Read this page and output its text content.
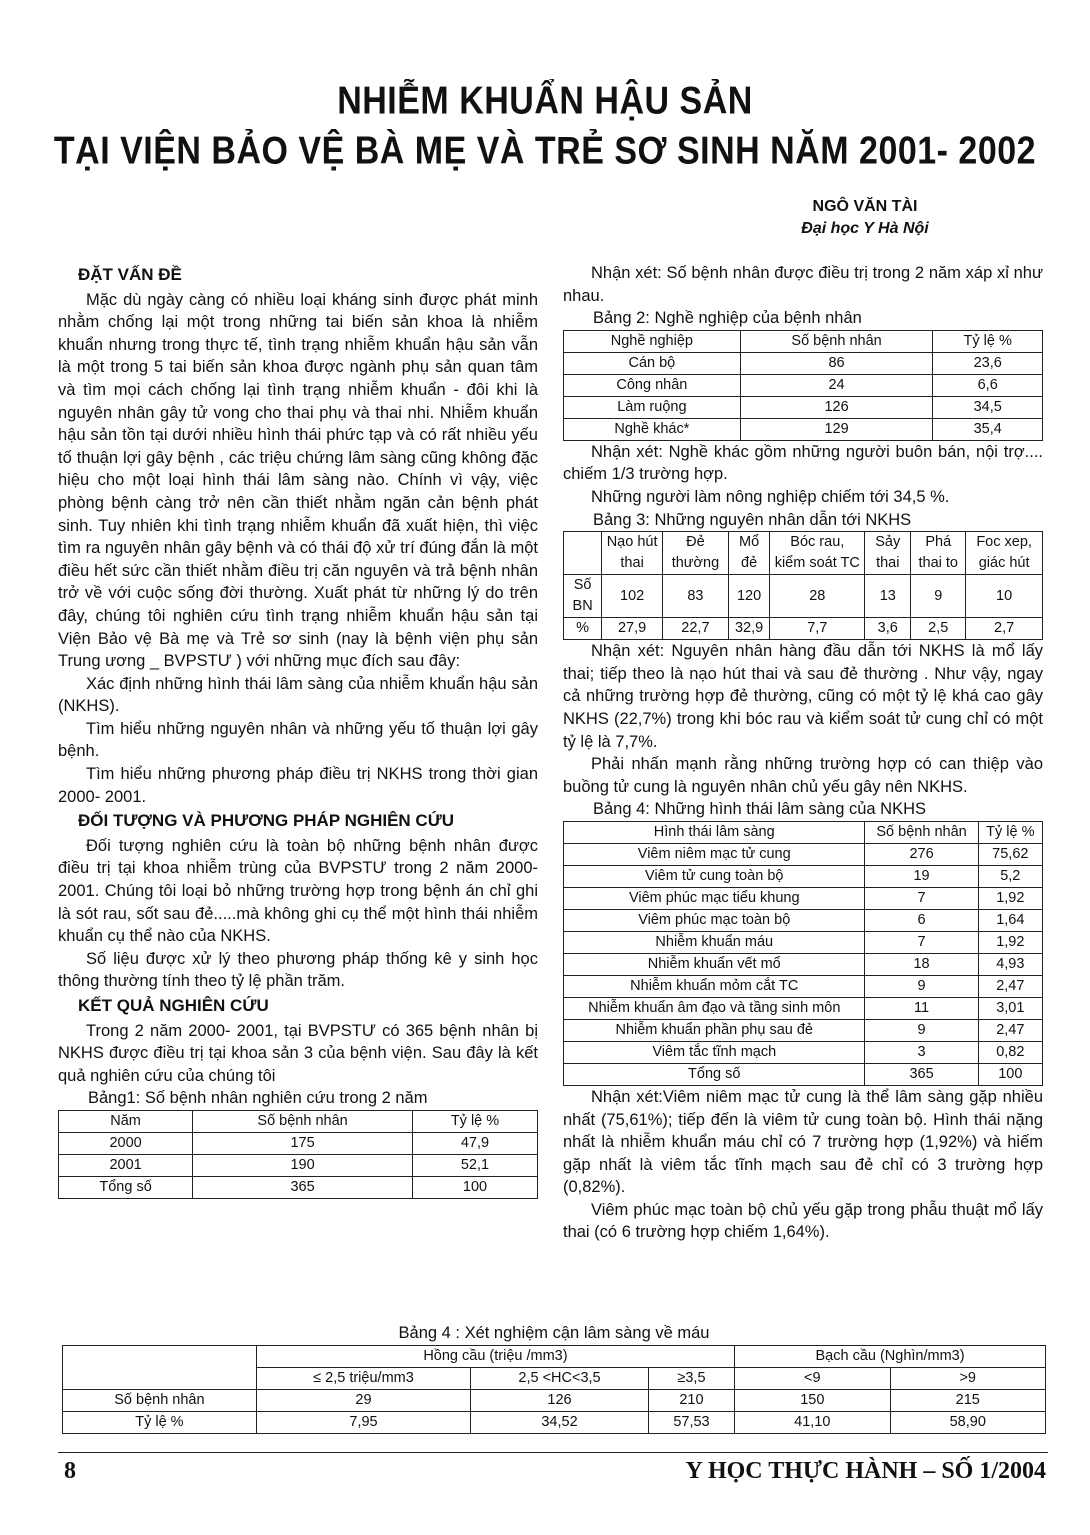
NHIỄM KHUẨN HẬU SẢN
TẠI VIỆN BẢO VỆ BÀ MẸ VÀ TRẺ SƠ SINH NĂM 2001- 2002
NGÔ VĂN TÀI
Đại học Y Hà Nội
ĐẶT VẤN ĐỀ

Mặc dù ngày càng có nhiều loại kháng sinh được phát minh nhằm chống lại một trong những tai biến sản khoa là nhiễm khuẩn nhưng trong thực tế, tình trạng nhiễm khuẩn hậu sản vẫn là một trong 5 tai biến sản khoa được ngành phụ sản quan tâm và tìm mọi cách chống lại tình trạng nhiễm khuẩn - đôi khi là nguyên nhân gây tử vong cho thai phụ và thai nhi. Nhiễm khuẩn hậu sản tồn tại dưới nhiều hình thái phức tạp và có rất nhiều yếu tố thuận lợi gây bệnh , các triệu chứng lâm sàng cũng không đặc hiệu cho một loại hình thái lâm sàng nào. Chính vì vậy, việc phòng bệnh càng trở nên cần thiết nhằm ngăn cản bệnh phát sinh. Tuy nhiên khi tình trạng nhiễm khuẩn đã xuất hiện, thì việc tìm ra nguyên nhân gây bệnh và có thái độ xử trí đúng đắn là một điều hết sức cần thiết nhằm điều trị căn nguyên và trả bệnh nhân trở về với cuộc sống đời thường. Xuất phát từ những lý do trên đây, chúng tôi nghiên cứu tình trạng nhiễm khuẩn hậu sản tại Viện Bảo vệ Bà mẹ và Trẻ sơ sinh (nay là bệnh viện phụ sản Trung ương _ BVPSTƯ ) với những mục đích sau đây:

Xác định những hình thái lâm sàng của nhiễm khuẩn hậu sản (NKHS).

Tìm hiểu những nguyên nhân và những yếu tố thuận lợi gây bệnh.

Tìm hiểu những phương pháp điều trị NKHS trong thời gian 2000- 2001.

ĐỐI TƯỢNG VÀ PHƯƠNG PHÁP NGHIÊN CỨU

Đối tượng nghiên cứu là toàn bộ những bệnh nhân được điều trị tại khoa nhiễm trùng của BVPSTƯ trong 2 năm 2000- 2001. Chúng tôi loại bỏ những trường hợp trong bệnh án chỉ ghi là sót rau, sốt sau đẻ.....mà không ghi cụ thể một hình thái nhiễm khuẩn cụ thể nào của NKHS.

Số liệu được xử lý theo phương pháp thống kê y sinh học thông thường tính theo tỷ lệ phần trăm.

KẾT QUẢ NGHIÊN CỨU

Trong 2 năm 2000- 2001, tại BVPSTƯ có 365 bệnh nhân bị NKHS được điều trị tại khoa sản 3 của bệnh viện. Sau đây là kết quả nghiên cứu của chúng tôi

Bảng1: Số bệnh nhân nghiên cứu trong 2 năm
Năm	Số bệnh nhân	Tỷ lệ %
2000	175	47,9
2001	190	52,1
Tổng số	365	100

Nhận xét: Số bệnh nhân được điều trị trong 2 năm xáp xỉ như nhau.

Bảng 2: Nghề nghiệp của bệnh nhân
Nghề nghiệp	Số bệnh nhân	Tỷ lệ %
Cán bộ	86	23,6
Công nhân	24	6,6
Làm ruộng	126	34,5
Nghề khác*	129	35,4

Nhận xét: Nghề khác gồm những người buôn bán, nội trợ.... chiếm 1/3 trường hợp.

Những người làm nông nghiệp chiếm tới 34,5 %.

Bảng 3: Những nguyên nhân dẫn tới NKHS
	Nạo hút thai	Đẻ thường	Mổ đẻ	Bóc rau, kiểm soát TC	Sảy thai	Phá thai to	Foc xep, giác hút
Số BN	102	83	120	28	13	9	10
%	27,9	22,7	32,9	7,7	3,6	2,5	2,7

Nhận xét: Nguyên nhân hàng đầu dẫn tới NKHS là mổ lấy thai; tiếp theo là nạo hút thai và sau đẻ thường . Như vậy, ngay cả những trường hợp đẻ thường, cũng có một tỷ lệ khá cao gây NKHS (22,7%) trong khi bóc rau và kiểm soát tử cung chỉ có một tỷ lệ là 7,7%.

Phải nhấn mạnh rằng những trường hợp có can thiệp vào buồng tử cung là nguyên nhân chủ yếu gây nên NKHS.

Bảng 4: Những hình thái lâm sàng của NKHS
Hình thái lâm sàng	Số bệnh nhân	Tỷ lệ %
Viêm niêm mạc tử cung	276	75,62
Viêm tử cung toàn bộ	19	5,2
Viêm phúc mạc tiểu khung	7	1,92
Viêm phúc mạc toàn bộ	6	1,64
Nhiễm khuẩn máu	7	1,92
Nhiễm khuẩn vết mổ	18	4,93
Nhiễm khuẩn mỏm cắt TC	9	2,47
Nhiễm khuẩn âm đạo và tầng sinh môn	11	3,01
Nhiễm khuẩn phần phụ sau đẻ	9	2,47
Viêm tắc tĩnh mạch	3	0,82
Tổng số	365	100

Nhận xét:Viêm niêm mạc tử cung là thể lâm sàng gặp nhiều nhất (75,61%); tiếp đến là viêm tử cung toàn bộ. Hình thái nặng nhất là nhiễm khuẩn máu chỉ có 7 trường hợp (1,92%) và hiếm gặp nhất là viêm tắc tĩnh mạch sau đẻ chỉ có 3 trường hợp (0,82%).

Viêm phúc mạc toàn bộ chủ yếu gặp trong phẫu thuật mổ lấy thai (có 6 trường hợp chiếm 1,64%).

Bảng 4 : Xét nghiệm cận lâm sàng về máu
	Hồng cầu (triệu /mm3)			Bạch cầu (Nghìn/mm3)	
	≤ 2,5 triệu/mm3	2,5 <HC<3,5	≥3,5	<9	>9
Số bệnh nhân	29	126	210	150	215
Tỷ lệ %	7,95	34,52	57,53	41,10	58,90
8	Y HỌC THỰC HÀNH – SỐ 1/2004
